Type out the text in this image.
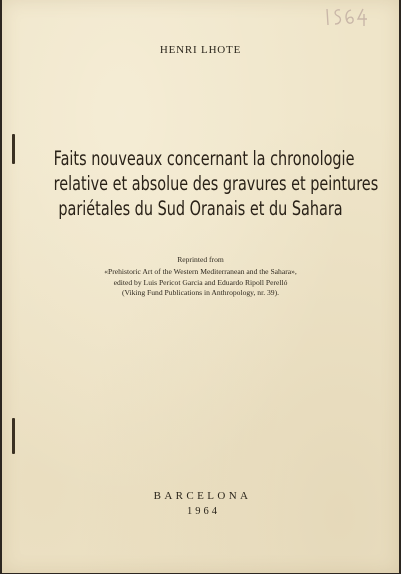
HENRI LHOTE
Faits nouveaux concernant la chronologie
relative et absolue des gravures et peintures
pariétales du Sud Oranais et du Sahara
Reprinted from
«Prehistoric Art of the Western Mediterranean and the Sahara»,
edited by Luis Pericot Garcia and Eduardo Ripoll Perelló
(Viking Fund Publications in Anthropology, nr. 39).
BARCELONA
1964
